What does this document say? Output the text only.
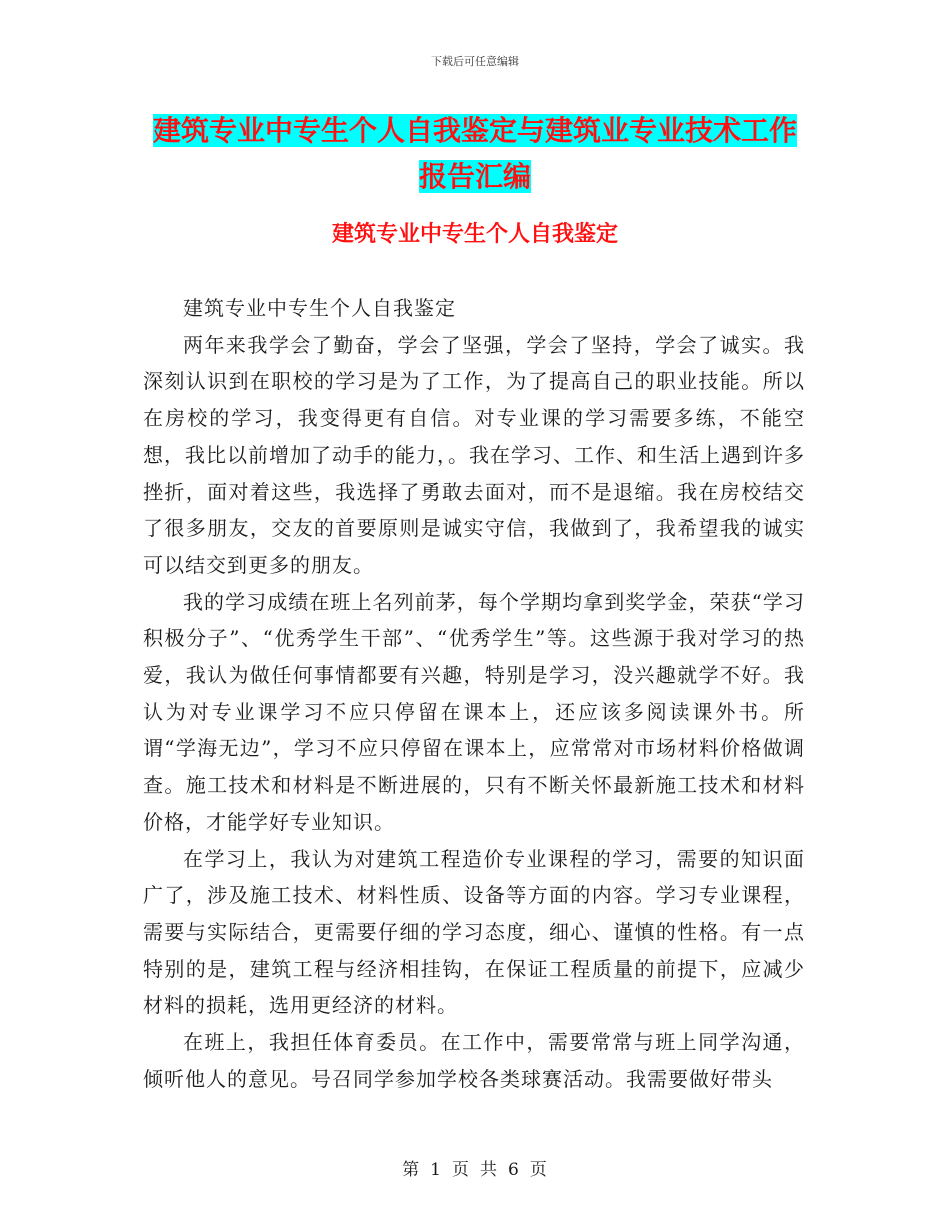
下载后可任意编辑
建筑专业中专生个人自我鉴定与建筑业专业技术工作
报告汇编
建筑专业中专生个人自我鉴定

建筑专业中专生个人自我鉴定

两年来我学会了勤奋，学会了坚强，学会了坚持，学会了诚实。我深刻认识到在职校的学习是为了工作，为了提高自己的职业技能。所以在房校的学习，我变得更有自信。对专业课的学习需要多练，不能空想，我比以前增加了动手的能力，。我在学习、工作、和生活上遇到许多挫折，面对着这些，我选择了勇敢去面对，而不是退缩。我在房校结交了很多朋友，交友的首要原则是诚实守信，我做到了，我希望我的诚实可以结交到更多的朋友。

我的学习成绩在班上名列前茅，每个学期均拿到奖学金，荣获“学习积极分子”、“优秀学生干部”、“优秀学生”等。这些源于我对学习的热爱，我认为做任何事情都要有兴趣，特别是学习，没兴趣就学不好。我认为对专业课学习不应只停留在课本上，还应该多阅读课外书。所谓“学海无边”，学习不应只停留在课本上，应常常对市场材料价格做调查。施工技术和材料是不断进展的，只有不断关怀最新施工技术和材料价格，才能学好专业知识。

在学习上，我认为对建筑工程造价专业课程的学习，需要的知识面广了，涉及施工技术、材料性质、设备等方面的内容。学习专业课程，需要与实际结合，更需要仔细的学习态度，细心、谨慎的性格。有一点特别的是，建筑工程与经济相挂钩，在保证工程质量的前提下，应减少材料的损耗，选用更经济的材料。

在班上，我担任体育委员。在工作中，需要常常与班上同学沟通，倾听他人的意见。号召同学参加学校各类球赛活动。我需要做好带头

第 1 页 共 6 页
